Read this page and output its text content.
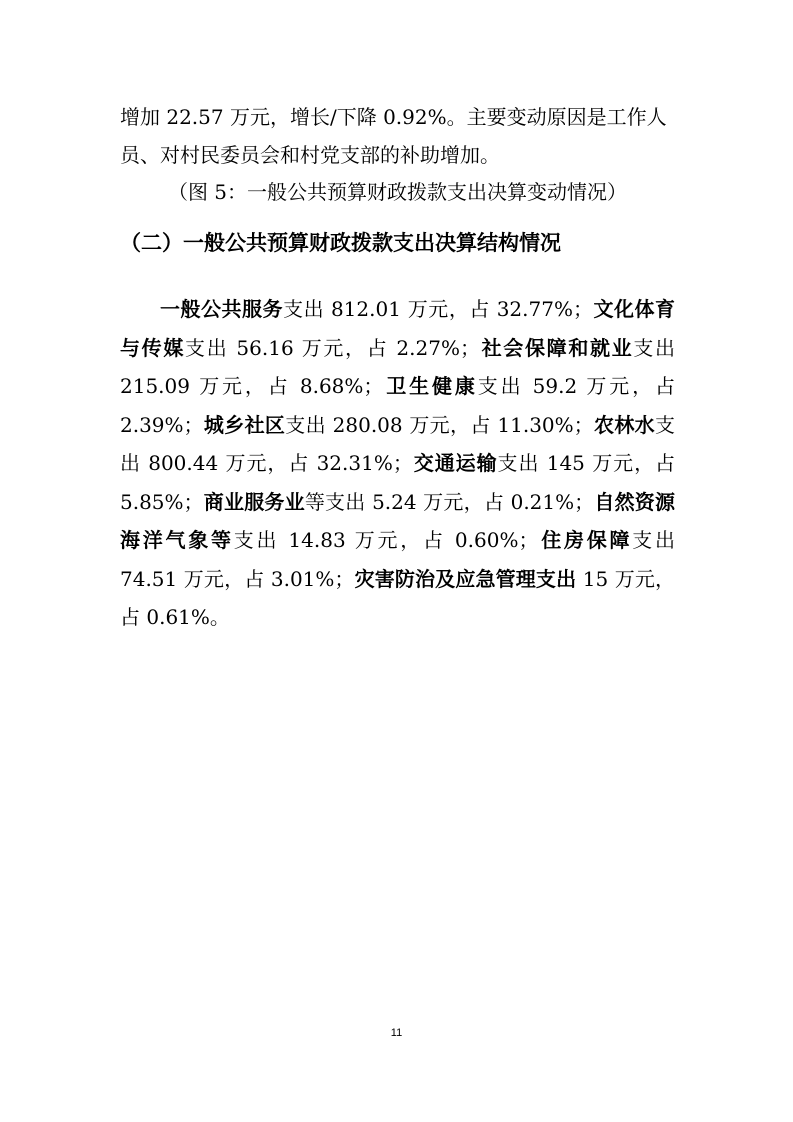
增加 22.57 万元，增长/下降 0.92%。主要变动原因是工作人
员、对村民委员会和村党支部的补助增加。
（图 5：一般公共预算财政拨款支出决算变动情况）
（二）一般公共预算财政拨款支出决算结构情况
一般公共服务支出 812.01 万元，占 32.77%；文化体育与传媒支出 56.16 万元，占 2.27%；社会保障和就业支出 215.09 万元，占 8.68%；卫生健康支出 59.2 万元，占 2.39%；城乡社区支出 280.08 万元，占 11.30%；农林水支出 800.44 万元，占 32.31%；交通运输支出 145 万元，占 5.85%；商业服务业等支出 5.24 万元，占 0.21%；自然资源海洋气象等支出 14.83 万元，占 0.60%；住房保障支出 74.51 万元，占 3.01%；灾害防治及应急管理支出 15 万元，占 0.61%。
11
